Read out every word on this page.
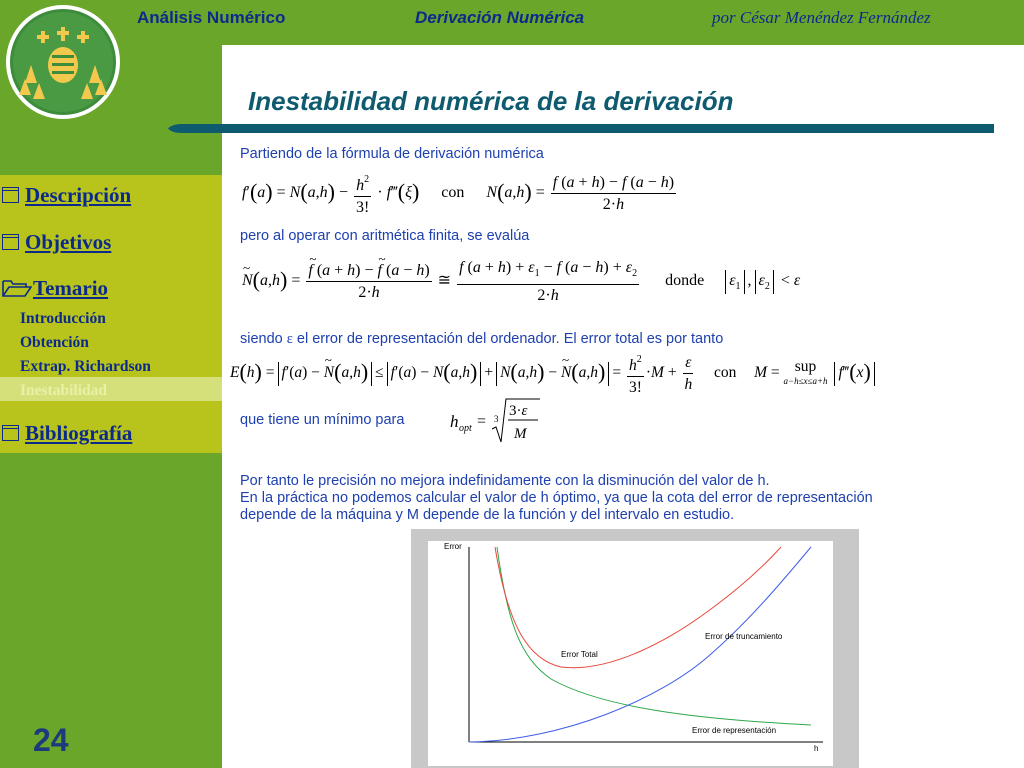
Análisis Numérico	Derivación Numérica	por César Menéndez Fernández
Inestabilidad numérica de la derivación
Descripción
Objetivos
Temario
Introducción
Obtención
Extrap. Richardson
Inestabilidad
Bibliografía
24
Partiendo de la fórmula de derivación numérica
$f'(a) = N(a,h) - \frac{h^2}{3!}$ · f‴(ξ) con $N(a,h) = \frac{f (a + h) - f (a - h)}{2\cdot h}$
pero al operar con aritmética finita, se evalúa
~ N(a,h) = ~ $\frac{f (a + h) - \sim f (a - h)}{2\cdot h}$ ≅ $\frac{f (a + h) + \varepsilon_1 - f (a - h) + \varepsilon_2}{2\cdot h}$ donde $\varepsilon_1$ , $\varepsilon_2 < \varepsilon$
siendo ε el error de representación del ordenador. El error total es por tanto
E(h) = f′(a) − ~ N(a,h) ≤ f′(a) − N(a,h) + N(a,h) − ~ $N(a,h) = \frac{h^2}{3!} \cdot M + \frac{\varepsilon}{h}$ con M = sup
a−h≤x≤a+h f‴(x)
que tiene un mínimo para	h opt = 3 3·ε
M
Por tanto le precisión no mejora indefinidamente con la disminución del valor de h.
En la práctica no podemos calcular el valor de h óptimo, ya que la cota del error de representación
depende de la máquina y M depende de la función y del intervalo en estudio.
Error
h
Error Total
Error de truncamiento
Error de representación
